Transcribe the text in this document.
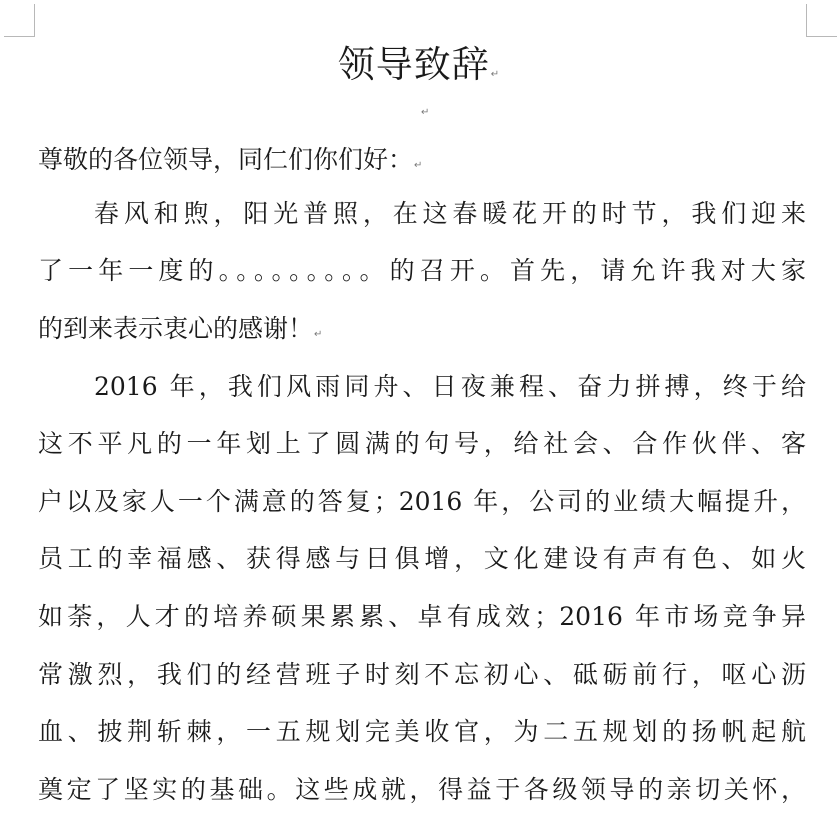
领导致辞↵
↵
尊敬的各位领导，同仁们你们好：↵
春风和煦，阳光普照，在这春暖花开的时节，我们迎来
了一年一度的。。。。。。。。。的召开。首先，请允许我对大家
的到来表示衷心的感谢！↵
2016 年，我们风雨同舟、日夜兼程、奋力拼搏，终于给
这不平凡的一年划上了圆满的句号，给社会、合作伙伴、客
户以及家人一个满意的答复；2016 年，公司的业绩大幅提升，
员工的幸福感、获得感与日俱增，文化建设有声有色、如火
如荼，人才的培养硕果累累、卓有成效；2016 年市场竞争异
常激烈，我们的经营班子时刻不忘初心、砥砺前行，呕心沥
血、披荆斩棘，一五规划完美收官，为二五规划的扬帆起航
奠定了坚实的基础。这些成就，得益于各级领导的亲切关怀，
